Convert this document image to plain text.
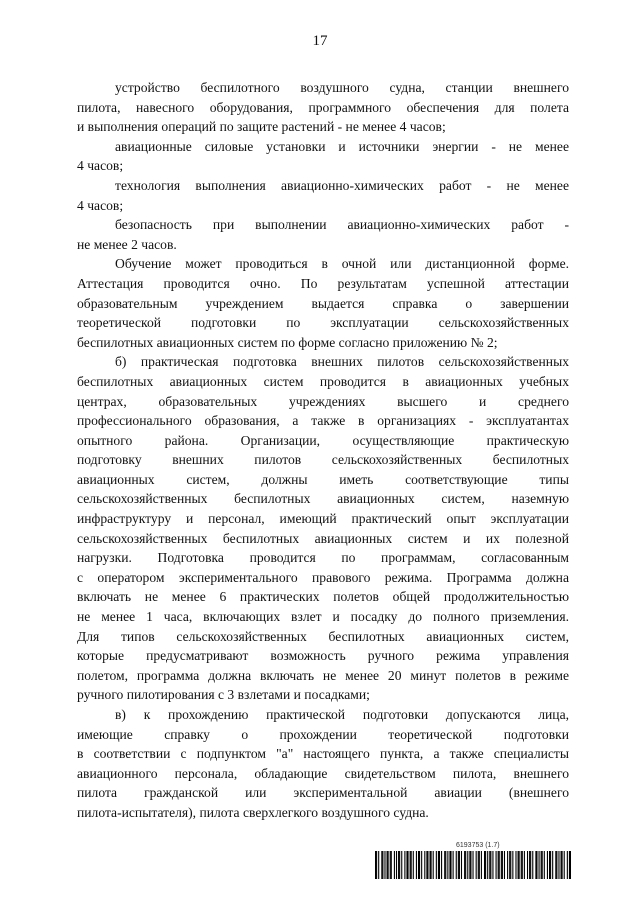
17
устройство беспилотного воздушного судна, станции внешнего
пилота, навесного оборудования, программного обеспечения для полета
и выполнения операций по защите растений - не менее 4 часов;
авиационные силовые установки и источники энергии - не менее
4 часов;
технология выполнения авиационно-химических работ - не менее
4 часов;
безопасность при выполнении авиационно-химических работ -
не менее 2 часов.
Обучение может проводиться в очной или дистанционной форме.
Аттестация проводится очно. По результатам успешной аттестации
образовательным учреждением выдается справка о завершении
теоретической подготовки по эксплуатации сельскохозяйственных
беспилотных авиационных систем по форме согласно приложению № 2;
б) практическая подготовка внешних пилотов сельскохозяйственных
беспилотных авиационных систем проводится в авиационных учебных
центрах, образовательных учреждениях высшего и среднего
профессионального образования, а также в организациях - эксплуатантах
опытного района. Организации, осуществляющие практическую
подготовку внешних пилотов сельскохозяйственных беспилотных
авиационных систем, должны иметь соответствующие типы
сельскохозяйственных беспилотных авиационных систем, наземную
инфраструктуру и персонал, имеющий практический опыт эксплуатации
сельскохозяйственных беспилотных авиационных систем и их полезной
нагрузки. Подготовка проводится по программам, согласованным
с оператором экспериментального правового режима. Программа должна
включать не менее 6 практических полетов общей продолжительностью
не менее 1 часа, включающих взлет и посадку до полного приземления.
Для типов сельскохозяйственных беспилотных авиационных систем,
которые предусматривают возможность ручного режима управления
полетом, программа должна включать не менее 20 минут полетов в режиме
ручного пилотирования с 3 взлетами и посадками;
в) к прохождению практической подготовки допускаются лица,
имеющие справку о прохождении теоретической подготовки
в соответствии с подпунктом "а" настоящего пункта, а также специалисты
авиационного персонала, обладающие свидетельством пилота, внешнего
пилота гражданской или экспериментальной авиации (внешнего
пилота-испытателя), пилота сверхлегкого воздушного судна.
6193753 (1.7)
